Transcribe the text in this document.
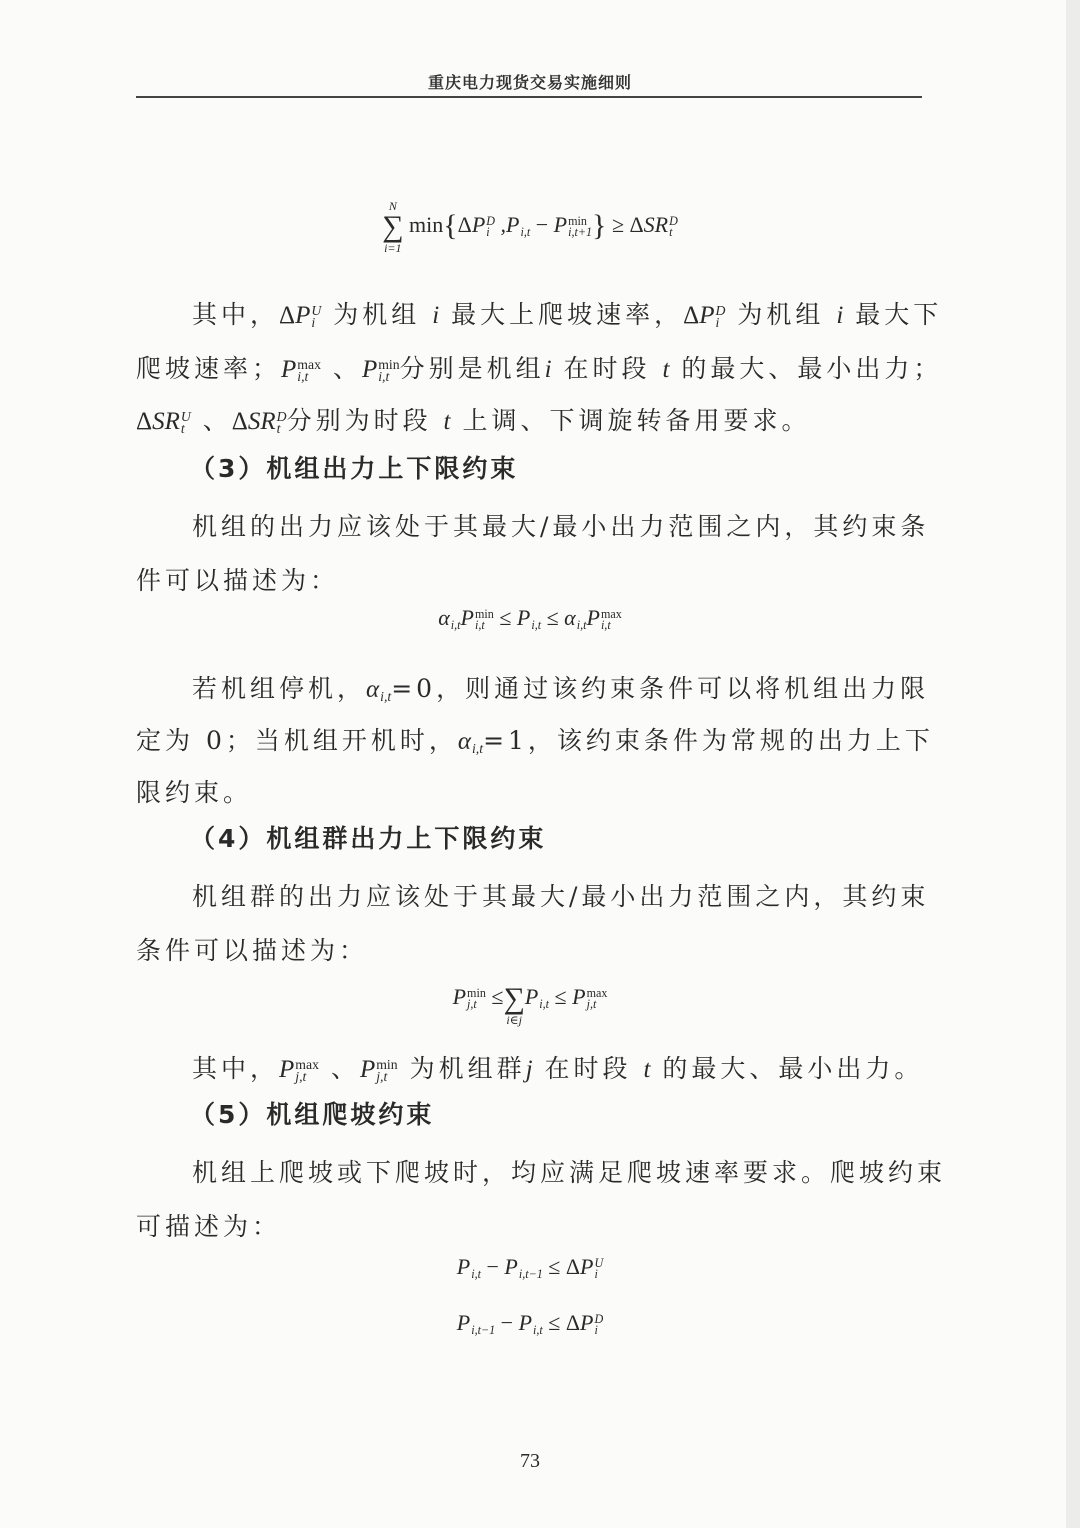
重庆电力现货交易实施细则
N
∑
i=1
min{ΔP D
i ,P
i,t − P min
i,t+1 } ≥ ΔSR D
t
其中，ΔP U
i 为机组 i 最大上爬坡速率，ΔP D
i 为机组 i 最大下
爬坡速率；P max
i,t 、P min
i,t 分别是机组i 在时段 t 的最大、最小出力；
ΔSR U
t 、ΔSR D
t 分别为时段 t 上调、下调旋转备用要求。
（3）机组出力上下限约束
机组的出力应该处于其最大/最小出力范围之内，其约束条
件可以描述为：
α
i,t P min
i,t ≤ P
i,t ≤ α
i,t P max
i,t
若机组停机，α
i,t =0，则通过该约束条件可以将机组出力限
定为 0；当机组开机时，α
i,t =1，该约束条件为常规的出力上下
限约束。
（4）机组群出力上下限约束
机组群的出力应该处于其最大/最小出力范围之内，其约束
条件可以描述为：
P min
j,t ≤
∑
i∈j
P
i,t ≤ P max
j,t
其中，P max
j,t 、P min
j,t 为机组群j 在时段 t 的最大、最小出力。
（5）机组爬坡约束
机组上爬坡或下爬坡时，均应满足爬坡速率要求。爬坡约束
可描述为：
P
i,t − P
i,t−1 ≤ ΔP U
i
P
i,t−1 − P
i,t ≤ ΔP D
i
73
